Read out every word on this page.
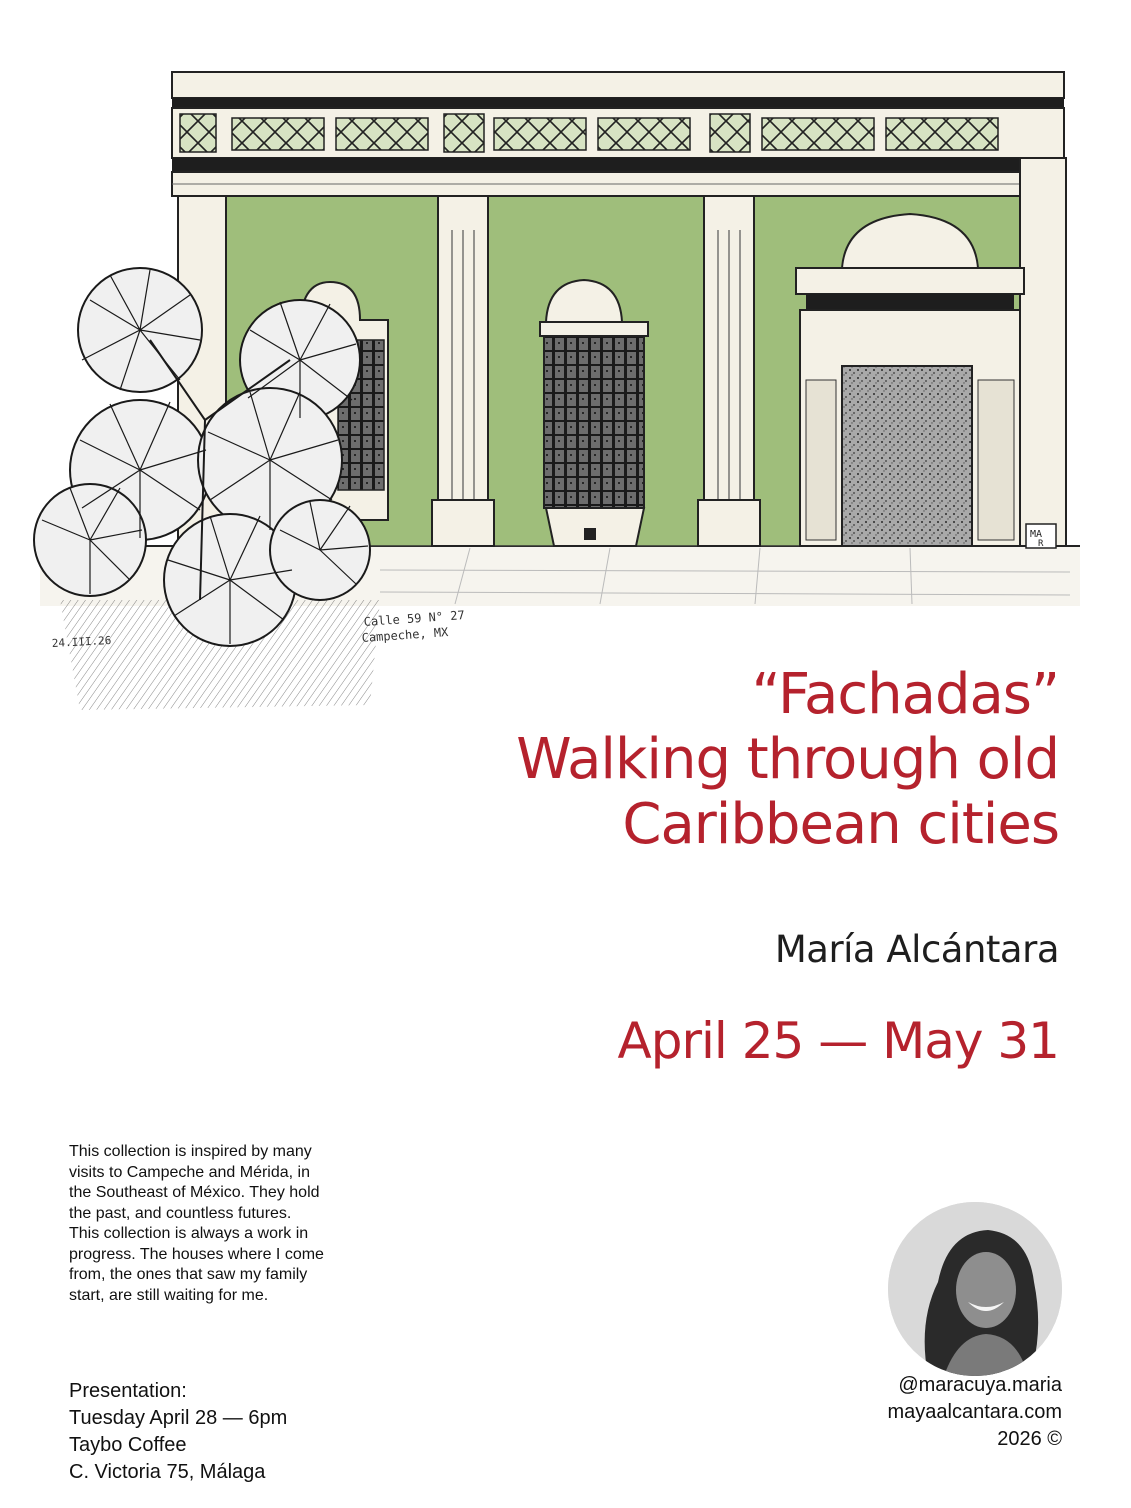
24.III.26
Calle 59 N° 27
Campeche, MX
MA
R
“Fachadas”
Walking through old
Caribbean cities
María Alcántara
April 25 — May 31
This collection is inspired by many
visits to Campeche and Mérida, in
the Southeast of México. They hold
the past, and countless futures.
This collection is always a work in
progress. The houses where I come
from, the ones that saw my family
start, are still waiting for me.
Presentation:
Tuesday April 28 — 6pm
Taybo Coffee
C. Victoria 75, Málaga
@maracuya.maria
mayaalcantara.com
2026 ©
